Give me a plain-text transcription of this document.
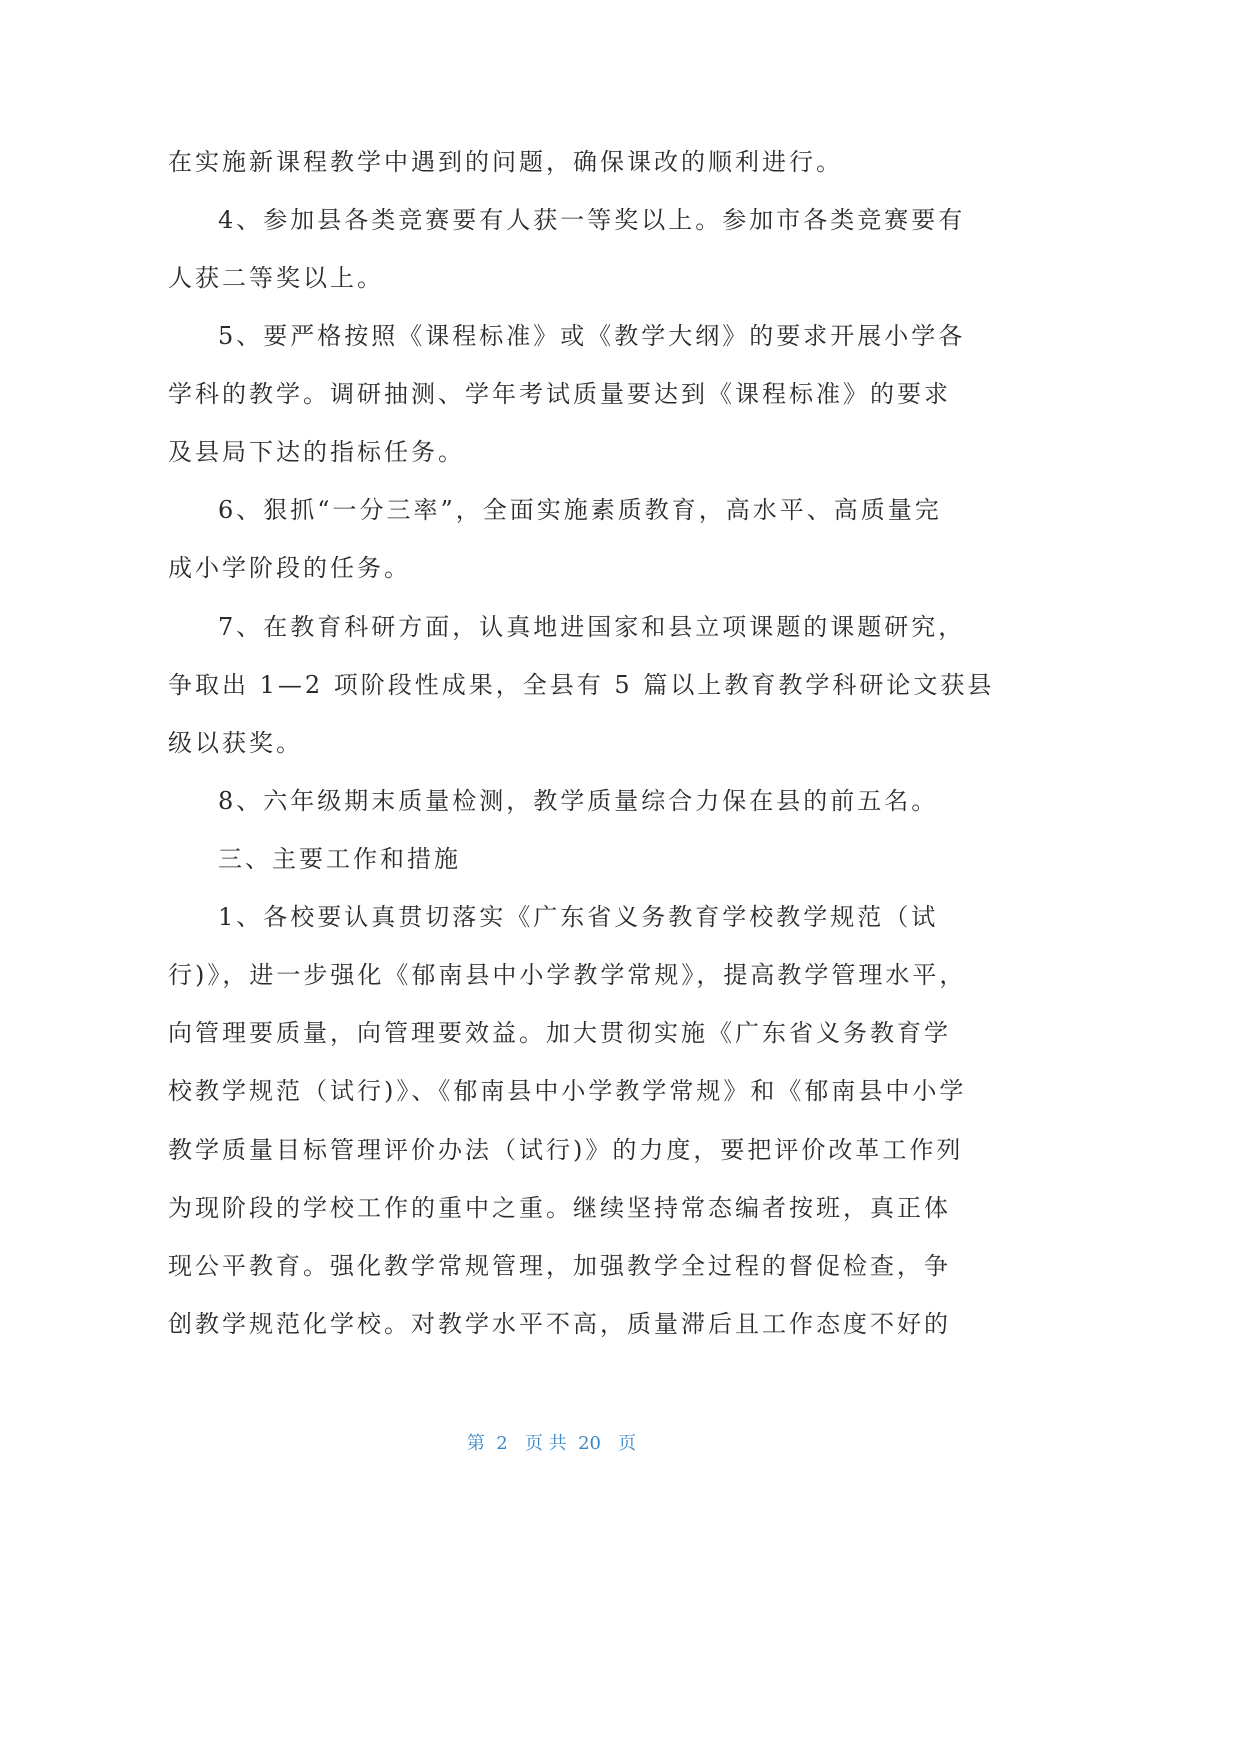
在实施新课程教学中遇到的问题，确保课改的顺利进行。
4、参加县各类竞赛要有人获一等奖以上。参加市各类竞赛要有
人获二等奖以上。
5、要严格按照《课程标准》或《教学大纲》的要求开展小学各
学科的教学。调研抽测、学年考试质量要达到《课程标准》的要求
及县局下达的指标任务。
6、狠抓“一分三率”，全面实施素质教育，高水平、高质量完
成小学阶段的任务。
7、在教育科研方面，认真地进国家和县立项课题的课题研究，
争取出 1—2 项阶段性成果，全县有 5 篇以上教育教学科研论文获县
级以获奖。
8、六年级期末质量检测，教学质量综合力保在县的前五名。
三、主要工作和措施
1、各校要认真贯切落实《广东省义务教育学校教学规范（试
行)》，进一步强化《郁南县中小学教学常规》，提高教学管理水平，
向管理要质量，向管理要效益。加大贯彻实施《广东省义务教育学
校教学规范（试行)》、《郁南县中小学教学常规》和《郁南县中小学
教学质量目标管理评价办法（试行)》的力度，要把评价改革工作列
为现阶段的学校工作的重中之重。继续坚持常态编者按班，真正体
现公平教育。强化教学常规管理，加强教学全过程的督促检查，争
创教学规范化学校。对教学水平不高，质量滞后且工作态度不好的
第  2   页 共  20   页
